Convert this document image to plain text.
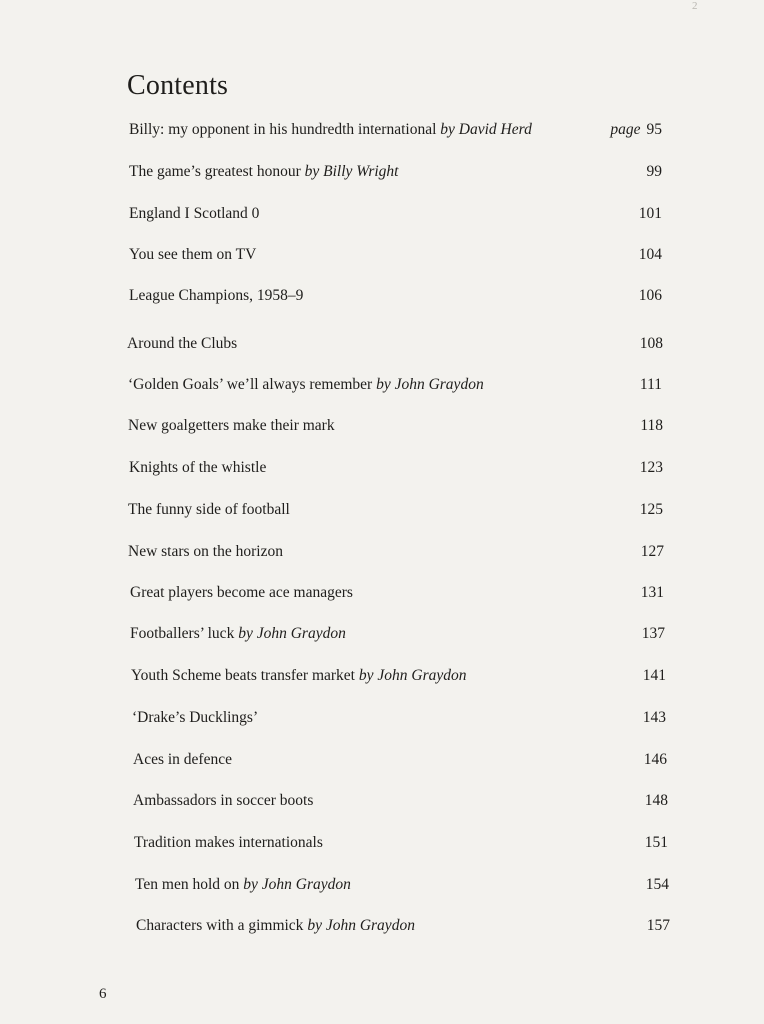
2
Contents
Billy: my opponent in his hundredth international by David Herd	page 95
The game’s greatest honour by Billy Wright	99
England I Scotland 0	101
You see them on TV	104
League Champions, 1958–9	106
Around the Clubs	108
‘Golden Goals’ we’ll always remember by John Graydon	111
New goalgetters make their mark	118
Knights of the whistle	123
The funny side of football	125
New stars on the horizon	127
Great players become ace managers	131
Footballers’ luck by John Graydon	137
Youth Scheme beats transfer market by John Graydon	141
‘Drake’s Ducklings’	143
Aces in defence	146
Ambassadors in soccer boots	148
Tradition makes internationals	151
Ten men hold on by John Graydon	154
Characters with a gimmick by John Graydon	157
6
